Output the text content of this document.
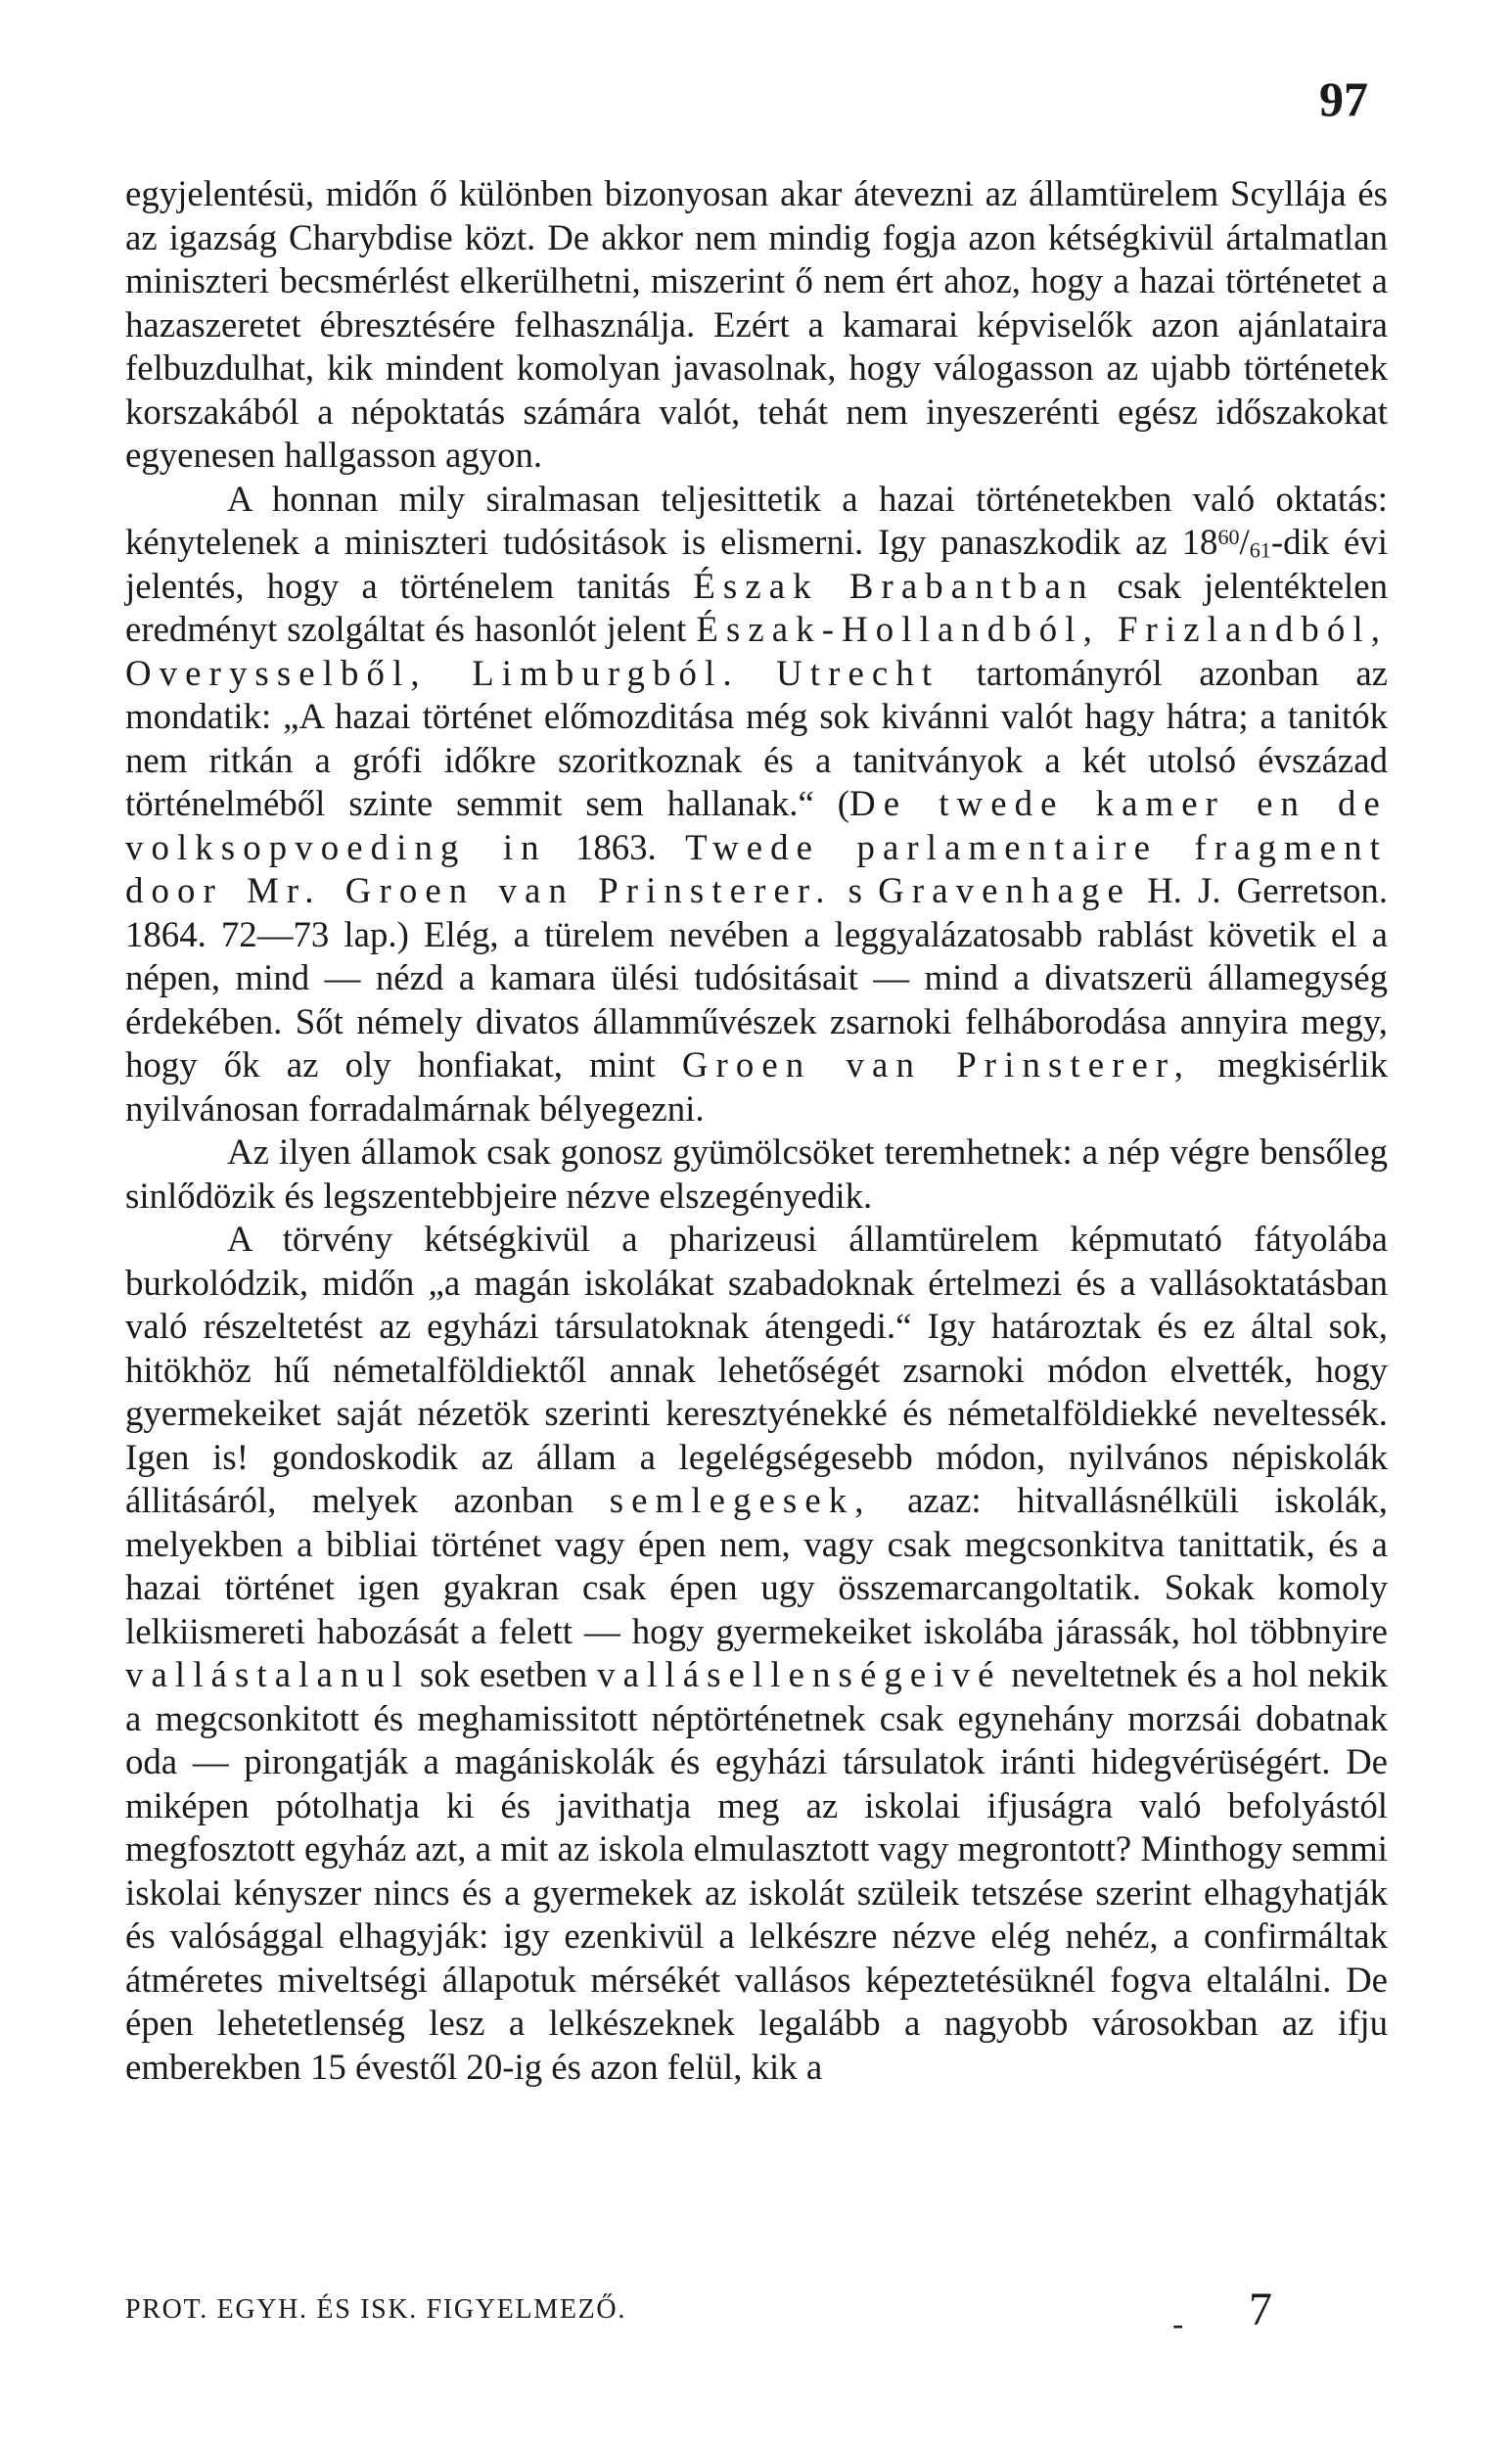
97

egyjelentésü, midőn ő különben bizonyosan akar átevezni az államtürelem Scyllája és az igazság Charybdise közt. De akkor nem mindig fogja azon kétségkivül ártalmatlan miniszteri becsmérlést elkerülhetni, miszerint ő nem ért ahoz, hogy a hazai történetet a hazaszeretet ébresztésére felhasználja. Ezért a kamarai képviselők azon ajánlataira felbuzdulhat, kik mindent komolyan javasolnak, hogy válogasson az ujabb történetek korszakából a népoktatás számára valót, tehát nem inyeszerénti egész időszakokat egyenesen hallgasson agyon.

A honnan mily siralmasan teljesittetik a hazai történetekben való oktatás: kénytelenek a miniszteri tudósitások is elismerni. Igy panaszkodik az 18$^{60}$/61-dik évi jelentés, hogy a történelem tanitás Észak Brabantban csak jelentéktelen eredményt szolgáltat és hasonlót jelent Észak-Hollandból, Frizlandból, Overysselből, Limburgból. Utrecht tartományról azonban az mondatik: „A hazai történet előmozditása még sok kivánni valót hagy hátra; a tanitók nem ritkán a grófi időkre szoritkoznak és a tanitványok a két utolsó évszázad történelméből szinte semmit sem hallanak.“ (De twede kamer en de volksopvoeding in 1863. Twede parlamentaire fragment door Mr. Groen van Prinsterer. s Gravenhage H. J. Gerretson. 1864. 72—73 lap.) Elég, a türelem nevében a leggyalázatosabb rablást követik el a népen, mind — nézd a kamara ülési tudósitásait — mind a divatszerü államegység érdekében. Sőt némely divatos államművészek zsarnoki felháborodása annyira megy, hogy ők az oly honfiakat, mint Groen van Prinsterer, megkisérlik nyilvánosan forradalmárnak bélyegezni.

Az ilyen államok csak gonosz gyümölcsöket teremhetnek: a nép végre bensőleg sinlődözik és legszentebbjeire nézve elszegényedik.

A törvény kétségkivül a pharizeusi államtürelem képmutató fátyolába burkolódzik, midőn „a magán iskolákat szabadoknak értelmezi és a vallásoktatásban való részeltetést az egyházi társulatoknak átengedi.“ Igy határoztak és ez által sok, hitökhöz hű németalföldiektől annak lehetőségét zsarnoki módon elvették, hogy gyermekeiket saját nézetök szerinti keresztyénekké és németalföldiekké neveltessék. Igen is! gondoskodik az állam a legelégségesebb módon, nyilvános népiskolák állitásáról, melyek azonban semlegesek, azaz: hitvallásnélküli iskolák, melyekben a bibliai történet vagy épen nem, vagy csak megcsonkitva tanittatik, és a hazai történet igen gyakran csak épen ugy összemarcangoltatik. Sokak komoly lelkiismereti habozását a felett — hogy gyermekeiket iskolába járassák, hol többnyire vallástalanul sok esetben vallásellenségeivé neveltetnek és a hol nekik a megcsonkitott és meghamissitott néptörténetnek csak egynehány morzsái dobatnak oda — pirongatják a magániskolák és egyházi társulatok iránti hidegvérüségért. De miképen pótolhatja ki és javithatja meg az iskolai ifjuságra való befolyástól megfosztott egyház azt, a mit az iskola elmulasztott vagy megrontott? Minthogy semmi iskolai kényszer nincs és a gyermekek az iskolát szüleik tetszése szerint elhagyhatják és valósággal elhagyják: igy ezenkivül a lelkészre nézve elég nehéz, a confirmáltak átméretes miveltségi állapotuk mérsékét vallásos képeztetésüknél fogva eltalálni. De épen lehetetlenség lesz a lelkészeknek legalább a nagyobb városokban az ifju emberekben 15 évestől 20-ig és azon felül, kik a

PROT. EGYH. ÉS ISK. FIGYELMEZŐ.	- 7
